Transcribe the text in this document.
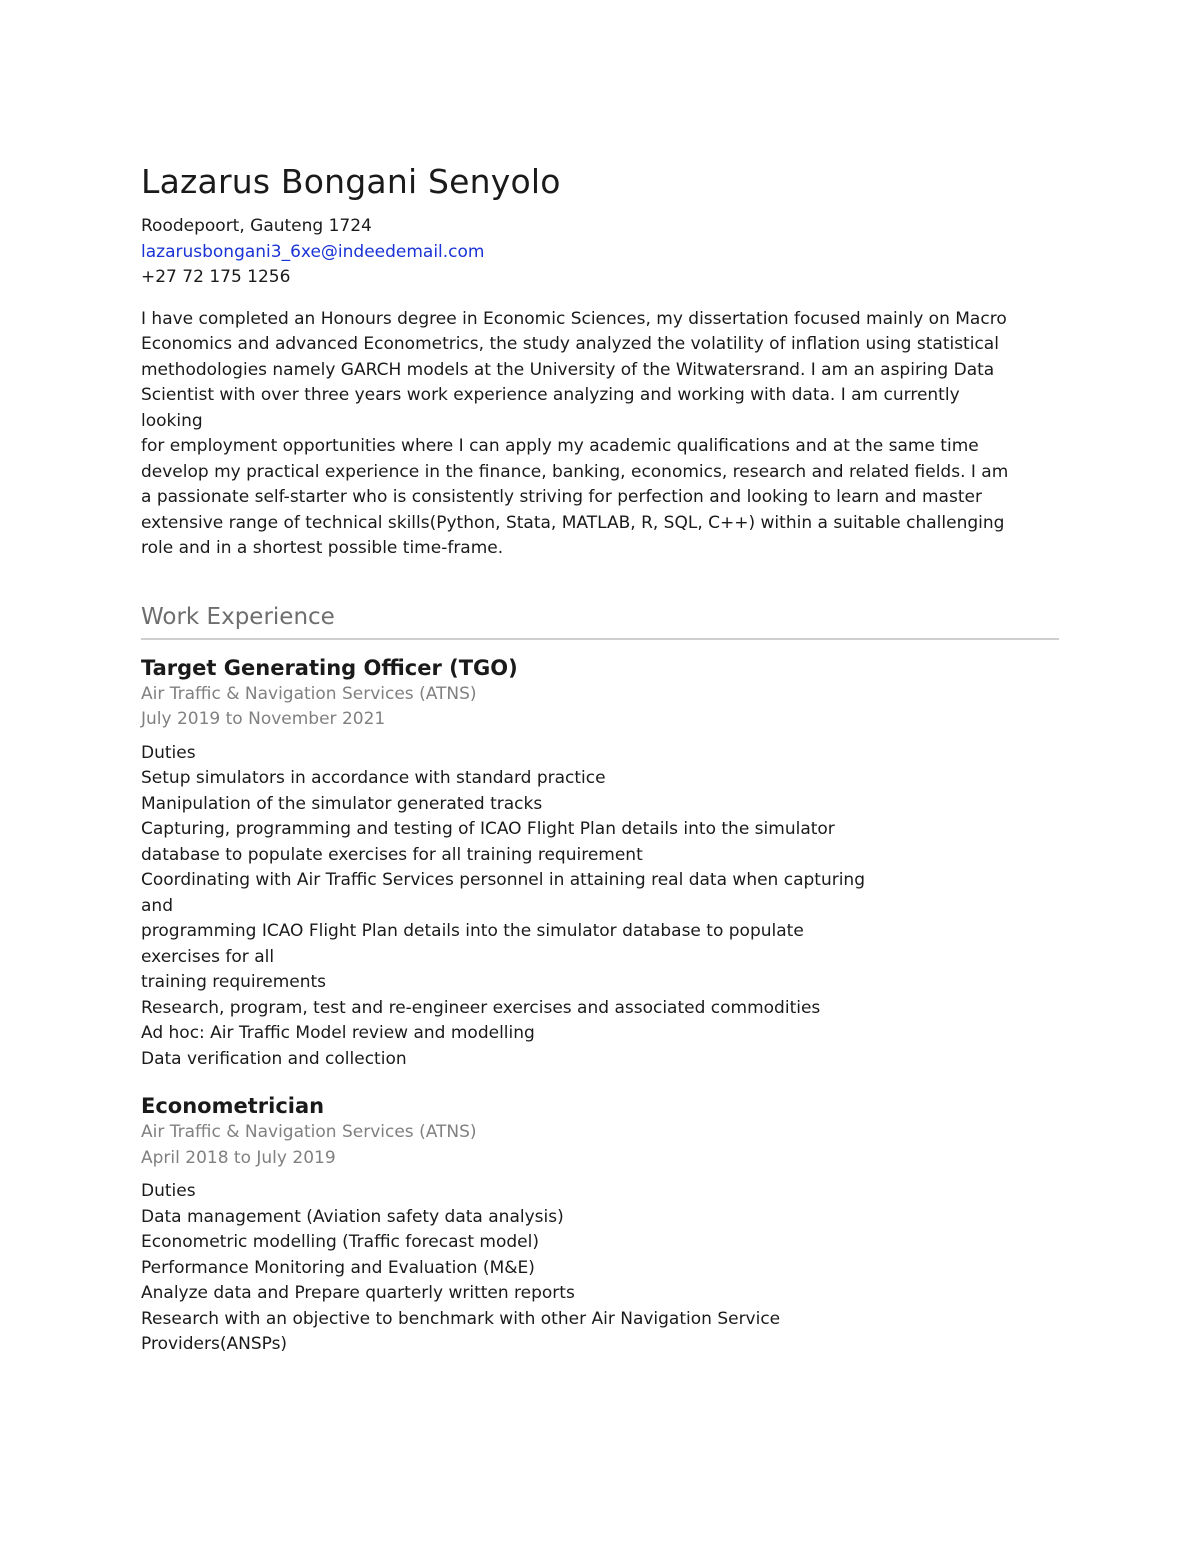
Lazarus Bongani Senyolo
Roodepoort, Gauteng 1724
lazarusbongani3_6xe@indeedemail.com
+27 72 175 1256
I have completed an Honours degree in Economic Sciences, my dissertation focused mainly on Macro
Economics and advanced Econometrics, the study analyzed the volatility of inflation using statistical
methodologies namely GARCH models at the University of the Witwatersrand. I am an aspiring Data
Scientist with over three years work experience analyzing and working with data. I am currently
looking
for employment opportunities where I can apply my academic qualifications and at the same time
develop my practical experience in the finance, banking, economics, research and related fields. I am
a passionate self-starter who is consistently striving for perfection and looking to learn and master
extensive range of technical skills(Python, Stata, MATLAB, R, SQL, C++) within a suitable challenging
role and in a shortest possible time-frame.
Work Experience
Target Generating Officer (TGO)
Air Traffic & Navigation Services (ATNS)
July 2019 to November 2021
Duties
Setup simulators in accordance with standard practice
Manipulation of the simulator generated tracks
Capturing, programming and testing of ICAO Flight Plan details into the simulator
database to populate exercises for all training requirement
Coordinating with Air Traffic Services personnel in attaining real data when capturing
and
programming ICAO Flight Plan details into the simulator database to populate
exercises for all
training requirements
Research, program, test and re-engineer exercises and associated commodities
Ad hoc: Air Traffic Model review and modelling
Data verification and collection
Econometrician
Air Traffic & Navigation Services (ATNS)
April 2018 to July 2019
Duties
Data management (Aviation safety data analysis)
Econometric modelling (Traffic forecast model)
Performance Monitoring and Evaluation (M&E)
Analyze data and Prepare quarterly written reports
Research with an objective to benchmark with other Air Navigation Service
Providers(ANSPs)
